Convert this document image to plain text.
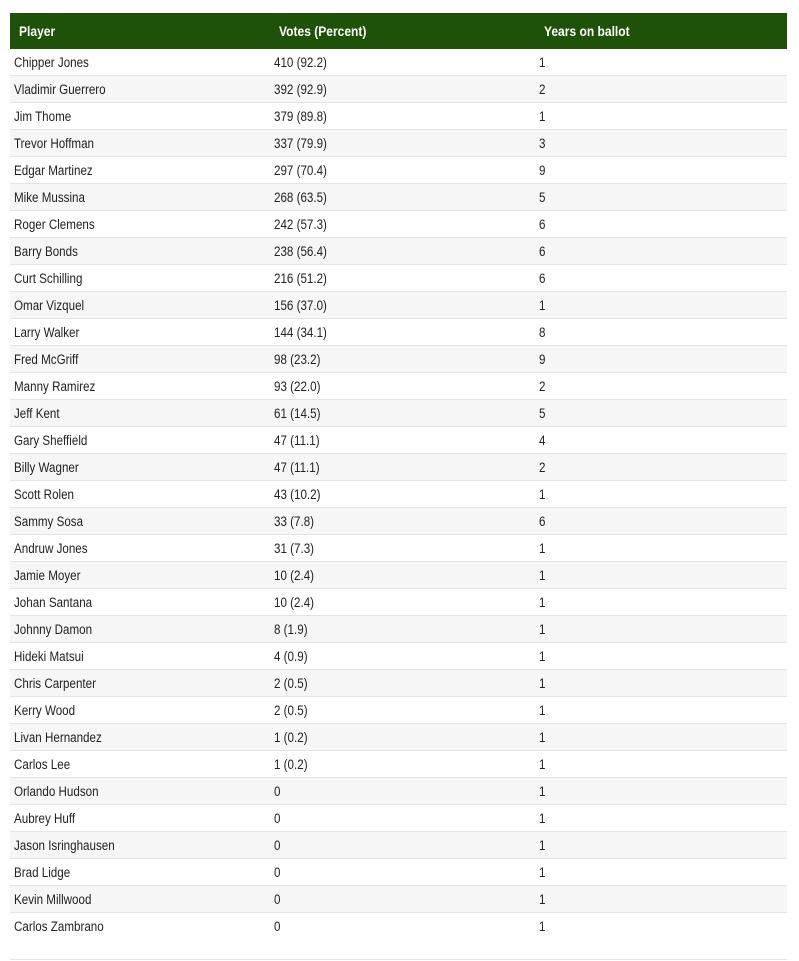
Player	Votes (Percent)	Years on ballot
Chipper Jones	410 (92.2)	1
Vladimir Guerrero	392 (92.9)	2
Jim Thome	379 (89.8)	1
Trevor Hoffman	337 (79.9)	3
Edgar Martinez	297 (70.4)	9
Mike Mussina	268 (63.5)	5
Roger Clemens	242 (57.3)	6
Barry Bonds	238 (56.4)	6
Curt Schilling	216 (51.2)	6
Omar Vizquel	156 (37.0)	1
Larry Walker	144 (34.1)	8
Fred McGriff	98 (23.2)	9
Manny Ramirez	93 (22.0)	2
Jeff Kent	61 (14.5)	5
Gary Sheffield	47 (11.1)	4
Billy Wagner	47 (11.1)	2
Scott Rolen	43 (10.2)	1
Sammy Sosa	33 (7.8)	6
Andruw Jones	31 (7.3)	1
Jamie Moyer	10 (2.4)	1
Johan Santana	10 (2.4)	1
Johnny Damon	8 (1.9)	1
Hideki Matsui	4 (0.9)	1
Chris Carpenter	2 (0.5)	1
Kerry Wood	2 (0.5)	1
Livan Hernandez	1 (0.2)	1
Carlos Lee	1 (0.2)	1
Orlando Hudson	0	1
Aubrey Huff	0	1
Jason Isringhausen	0	1
Brad Lidge	0	1
Kevin Millwood	0	1
Carlos Zambrano	0	1
